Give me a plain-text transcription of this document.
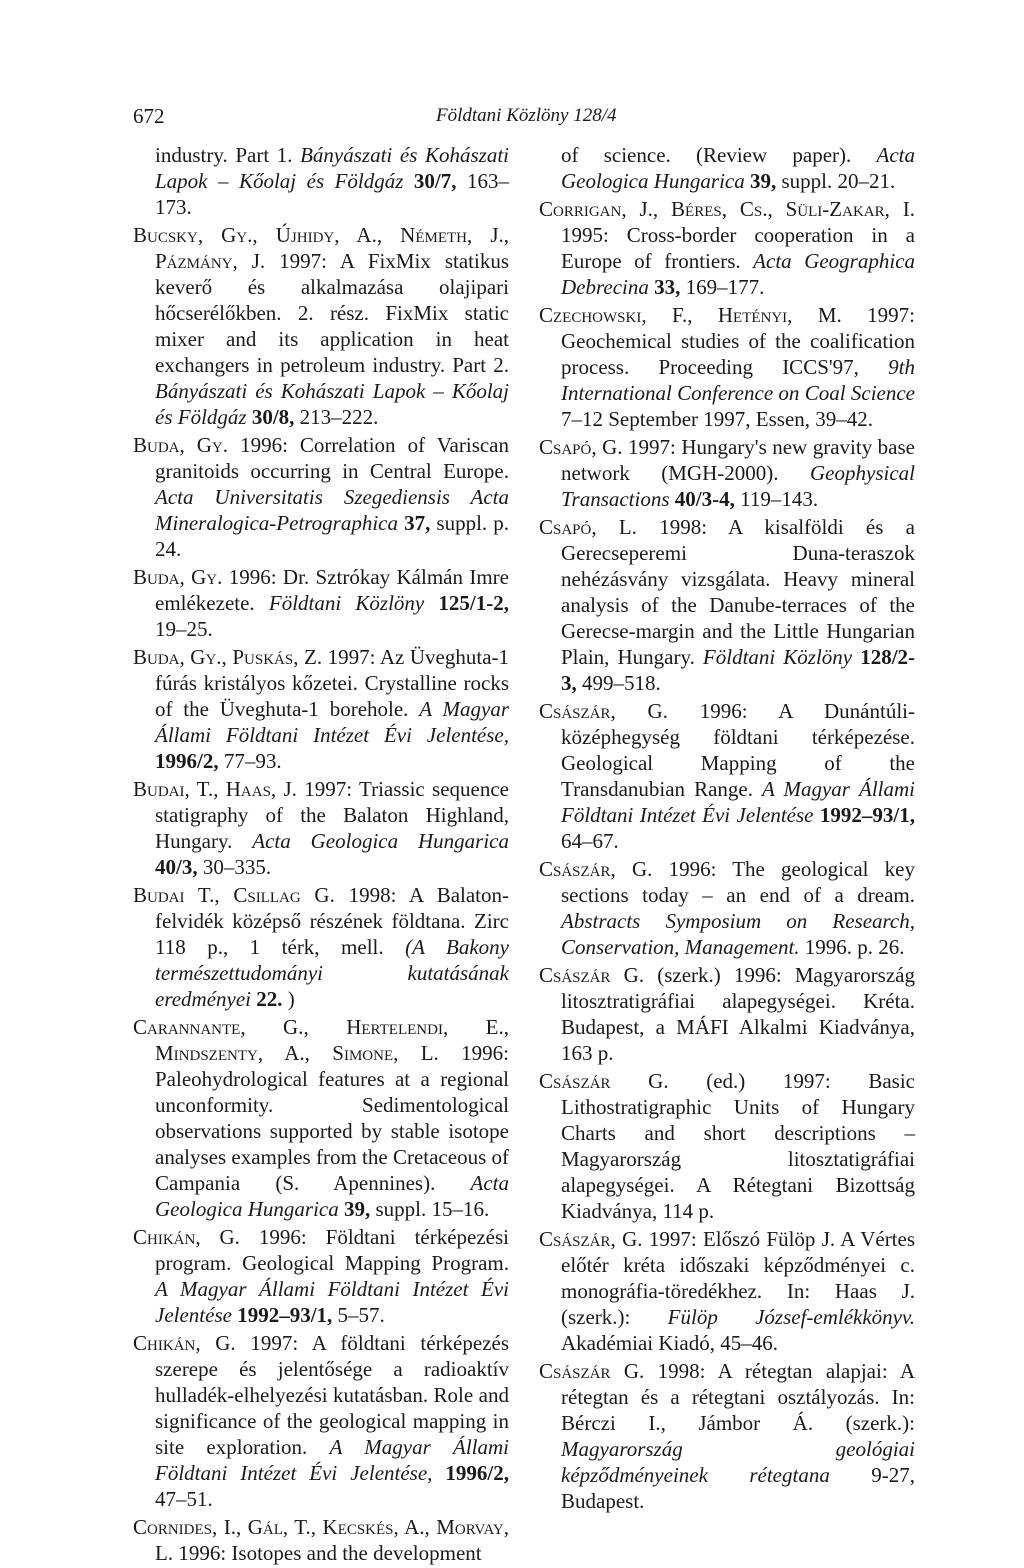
672	Földtani Közlöny 128/4

industry. Part 1. Bányászati és Kohászati Lapok – Kőolaj és Földgáz 30/7, 163–173.

Bucsky, Gy., Újhidy, A., Németh, J., Pázmány, J. 1997: A FixMix statikus keverő és alkalmazása olajipari hőcserélőkben. 2. rész. FixMix static mixer and its application in heat exchangers in petroleum industry. Part 2. Bányászati és Kohászati Lapok – Kőolaj és Földgáz 30/8, 213–222.

Buda, Gy. 1996: Correlation of Variscan granitoids occurring in Central Europe. Acta Universitatis Szegediensis Acta Mineralogica-Petrographica 37, suppl. p. 24.

Buda, Gy. 1996: Dr. Sztrókay Kálmán Imre emlékezete. Földtani Közlöny 125/1-2, 19–25.

Buda, Gy., Puskás, Z. 1997: Az Üveghuta-1 fúrás kristályos kőzetei. Crystalline rocks of the Üveghuta-1 borehole. A Magyar Állami Földtani Intézet Évi Jelentése, 1996/2, 77–93.

Budai, T., Haas, J. 1997: Triassic sequence statigraphy of the Balaton Highland, Hungary. Acta Geologica Hungarica 40/3, 30–335.

Budai T., Csillag G. 1998: A Balaton-felvidék középső részének földtana. Zirc 118 p., 1 térk, mell. (A Bakony természettudományi kutatásának eredményei 22. )

Carannante, G., Hertelendi, E., Mindszenty, A., Simone, L. 1996: Paleohydrological features at a regional unconformity. Sedimentological observations supported by stable isotope analyses examples from the Cretaceous of Campania (S. Apennines). Acta Geologica Hungarica 39, suppl. 15–16.

Chikán, G. 1996: Földtani térképezési program. Geological Mapping Program. A Magyar Állami Földtani Intézet Évi Jelentése 1992–93/1, 5–57.

Chikán, G. 1997: A földtani térképezés szerepe és jelentősége a radioaktív hulladék-elhelyezési kutatásban. Role and significance of the geological mapping in site exploration. A Magyar Állami Földtani Intézet Évi Jelentése, 1996/2, 47–51.

Cornides, I., Gál, T., Kecskés, A., Morvay, L. 1996: Isotopes and the development

of science. (Review paper). Acta Geologica Hungarica 39, suppl. 20–21.

Corrigan, J., Béres, Cs., Süli-Zakar, I. 1995: Cross-border cooperation in a Europe of frontiers. Acta Geographica Debrecina 33, 169–177.

Czechowski, F., Hetényi, M. 1997: Geochemical studies of the coalification process. Proceeding ICCS'97, 9th International Conference on Coal Science 7–12 September 1997, Essen, 39–42.

Csapó, G. 1997: Hungary's new gravity base network (MGH-2000). Geophysical Transactions 40/3-4, 119–143.

Csapó, L. 1998: A kisalföldi és a Gerecseperemi Duna-teraszok nehézásvány vizsgálata. Heavy mineral analysis of the Danube-terraces of the Gerecse-margin and the Little Hungarian Plain, Hungary. Földtani Közlöny 128/2-3, 499–518.

Császár, G. 1996: A Dunántúli-középhegység földtani térképezése. Geological Mapping of the Transdanubian Range. A Magyar Állami Földtani Intézet Évi Jelentése 1992–93/1, 64–67.

Császár, G. 1996: The geological key sections today – an end of a dream. Abstracts Symposium on Research, Conservation, Management. 1996. p. 26.

Császár G. (szerk.) 1996: Magyarország litosztratigráfiai alapegységei. Kréta. Budapest, a MÁFI Alkalmi Kiadványa, 163 p.

Császár G. (ed.) 1997: Basic Lithostratigraphic Units of Hungary Charts and short descriptions – Magyarország litosztatigráfiai alapegységei. A Rétegtani Bizottság Kiadványa, 114 p.

Császár, G. 1997: Előszó Fülöp J. A Vértes előtér kréta időszaki képződményei c. monográfia-töredékhez. In: Haas J. (szerk.): Fülöp József-emlékkönyv. Akadémiai Kiadó, 45–46.

Császár G. 1998: A rétegtan alapjai: A rétegtan és a rétegtani osztályozás. In: Bérczi I., Jámbor Á. (szerk.): Magyarország geológiai képződményeinek rétegtana 9-27, Budapest.
